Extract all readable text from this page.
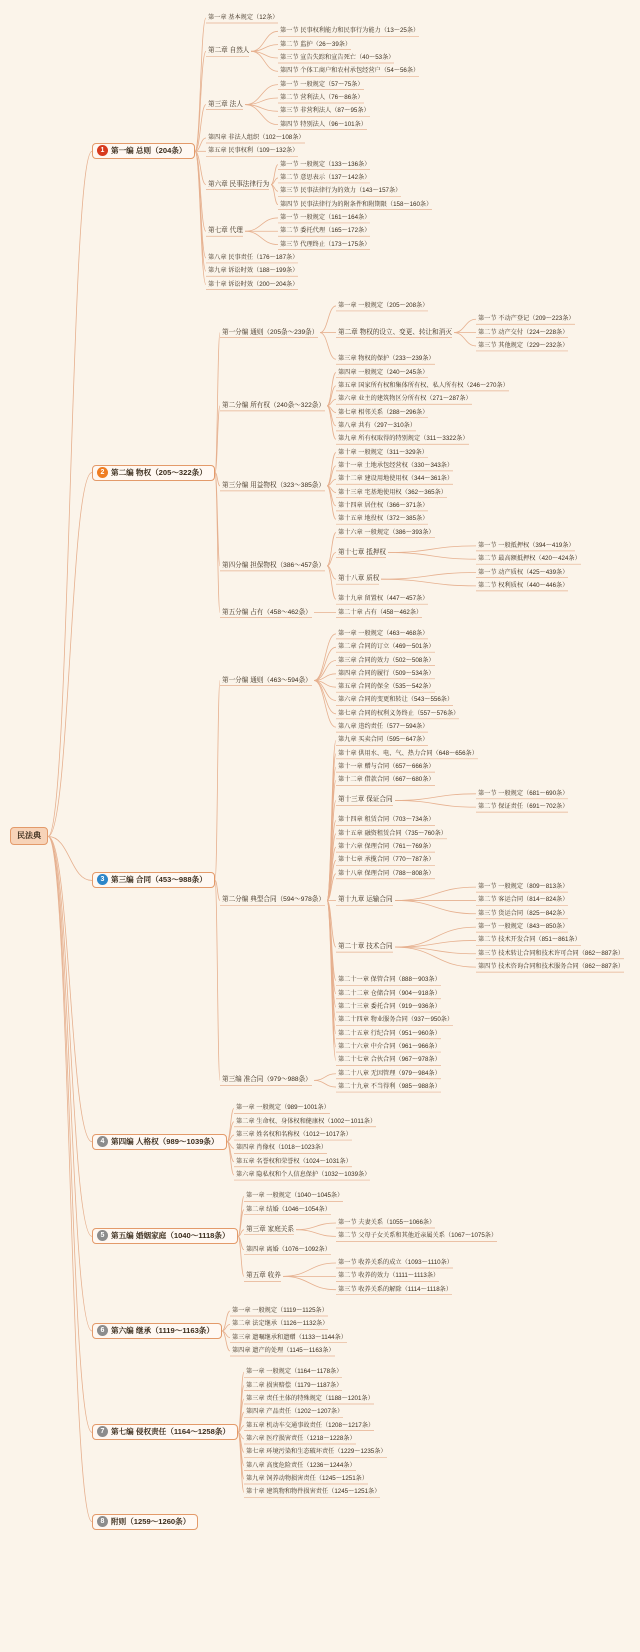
民法典
1 第一编 总则（204条）
第一章 基本规定（12条）
第二章 自然人
第一节 民事权利能力和民事行为能力（13～25条）
第二节 监护（26～39条）
第三节 宣告失踪和宣告死亡（40～53条）
第四节 个体工商户和农村承包经营户（54～56条）
第三章 法人
第一节 一般规定（57～75条）
第二节 营利法人（76～86条）
第三节 非营利法人（87～95条）
第四节 特别法人（96～101条）
第四章 非法人组织（102～108条）
第五章 民事权利（109～132条）
第六章 民事法律行为
第一节 一般规定（133～136条）
第二节 意思表示（137～142条）
第三节 民事法律行为的效力（143～157条）
第四节 民事法律行为的附条件和附期限（158～160条）
第七章 代理
第一节 一般规定（161～164条）
第二节 委托代理（165～172条）
第三节 代理终止（173～175条）
第八章 民事责任（176～187条）
第九章 诉讼时效（188～199条）
第十章 诉讼时效（200～204条）
2 第二编 物权（205～322条）
第一分编 通则（205条～239条）
第一章 一般规定（205～208条）
第二章 物权的设立、变更、转让和消灭
第一节 不动产登记（209～223条）
第二节 动产交付（224～228条）
第三节 其他规定（229～232条）
第三章 物权的保护（233～239条）
第二分编 所有权（240条～322条）
第四章 一般规定（240～245条）
第五章 国家所有权和集体所有权、私人所有权（246～270条）
第六章 业主的建筑物区分所有权（271～287条）
第七章 相邻关系（288～296条）
第八章 共有（297～310条）
第九章 所有权取得的特别规定（311～3322条）
第三分编 用益物权（323～385条）
第十章 一般规定（311～329条）
第十一章 土地承包经营权（330～343条）
第十二章 建设用地使用权（344～361条）
第十三章 宅基地使用权（362～365条）
第十四章 居住权（366～371条）
第十五章 地役权（372～385条）
第四分编 担保物权（386～457条）
第十六章 一般规定（386～393条）
第十七章 抵押权
第一节 一般抵押权（394～419条）
第二节 最高额抵押权（420～424条）
第十八章 质权
第一节 动产质权（425～439条）
第二节 权利质权（440～446条）
第十九章 留置权（447～457条）
第五分编 占有（458～462条）	第二十章 占有（458～462条）
3 第三编 合同（453～988条）
第一分编 通则（463～594条）
第一章 一般规定（463～468条）
第二章 合同的订立（469～501条）
第三章 合同的效力（502～508条）
第四章 合同的履行（509～534条）
第五章 合同的保全（535～542条）
第六章 合同的变更和转让（543～556条）
第七章 合同的权利义务终止（557～576条）
第八章 违约责任（577～594条）
第二分编 典型合同（594～978条）
第九章 买卖合同（595～647条）
第十章 供用水、电、气、热力合同（648～656条）
第十一章 赠与合同（657～666条）
第十二章 借款合同（667～680条）
第十三章 保证合同
第一节 一般规定（681～690条）
第二节 保证责任（691～702条）
第十四章 租赁合同（703～734条）
第十五章 融资租赁合同（735～760条）
第十六章 保理合同（761～769条）
第十七章 承揽合同（770～787条）
第十八章 保理合同（788～808条）
第十九章 运输合同
第一节 一般规定（809～813条）
第二节 客运合同（814～824条）
第三节 货运合同（825～842条）
第二十章 技术合同
第一节 一般规定（843～850条）
第二节 技术开发合同（851～861条）
第三节 技术转让合同和技术许可合同（862～887条）
第四节 技术咨询合同和技术服务合同（862～887条）
第二十一章 保管合同（888～903条）
第二十二章 仓储合同（904～918条）
第二十三章 委托合同（919～936条）
第二十四章 物业服务合同（937～950条）
第二十五章 行纪合同（951～960条）
第二十六章 中介合同（961～966条）
第二十七章 合伙合同（967～978条）
第三编 准合同（979～988条）
第二十八章 无因管理（979～984条）
第二十九章 不当得利（985～988条）
4 第四编 人格权（989～1039条）
第一章 一般规定（989～1001条）
第二章 生命权、身体权和健康权（1002～1011条）
第三章 姓名权和名称权（1012～1017条）
第四章 肖像权（1018～1023条）
第五章 名誉权和荣誉权（1024～1031条）
第六章 隐私权和个人信息保护（1032～1039条）
5 第五编 婚姻家庭（1040～1118条）
第一章 一般规定（1040～1045条）
第二章 结婚（1046～1054条）
第三章 家庭关系
第一节 夫妻关系（1055～1066条）
第二节 父母子女关系和其他近亲属关系（1067～1075条）
第四章 离婚（1076～1092条）
第五章 收养
第一节 收养关系的成立（1093～1110条）
第二节 收养的效力（1111～1113条）
第三节 收养关系的解除（1114～1118条）
6 第六编 继承（1119～1163条）
第一章 一般规定（1119～1125条）
第二章 法定继承（1126～1132条）
第三章 遗嘱继承和遗赠（1133～1144条）
第四章 遗产的处理（1145～1163条）
7 第七编 侵权责任（1164～1258条）
第一章 一般规定（1164～1178条）
第二章 损害赔偿（1179～1187条）
第三章 责任主体的特殊规定（1188～1201条）
第四章 产品责任（1202～1207条）
第五章 机动车交通事故责任（1208～1217条）
第六章 医疗损害责任（1218～1228条）
第七章 环境污染和生态破坏责任（1229～1235条）
第八章 高度危险责任（1236～1244条）
第九章 饲养动物损害责任（1245～1251条）
第十章 建筑物和物件损害责任（1245～1251条）
8 附则（1259～1260条）
